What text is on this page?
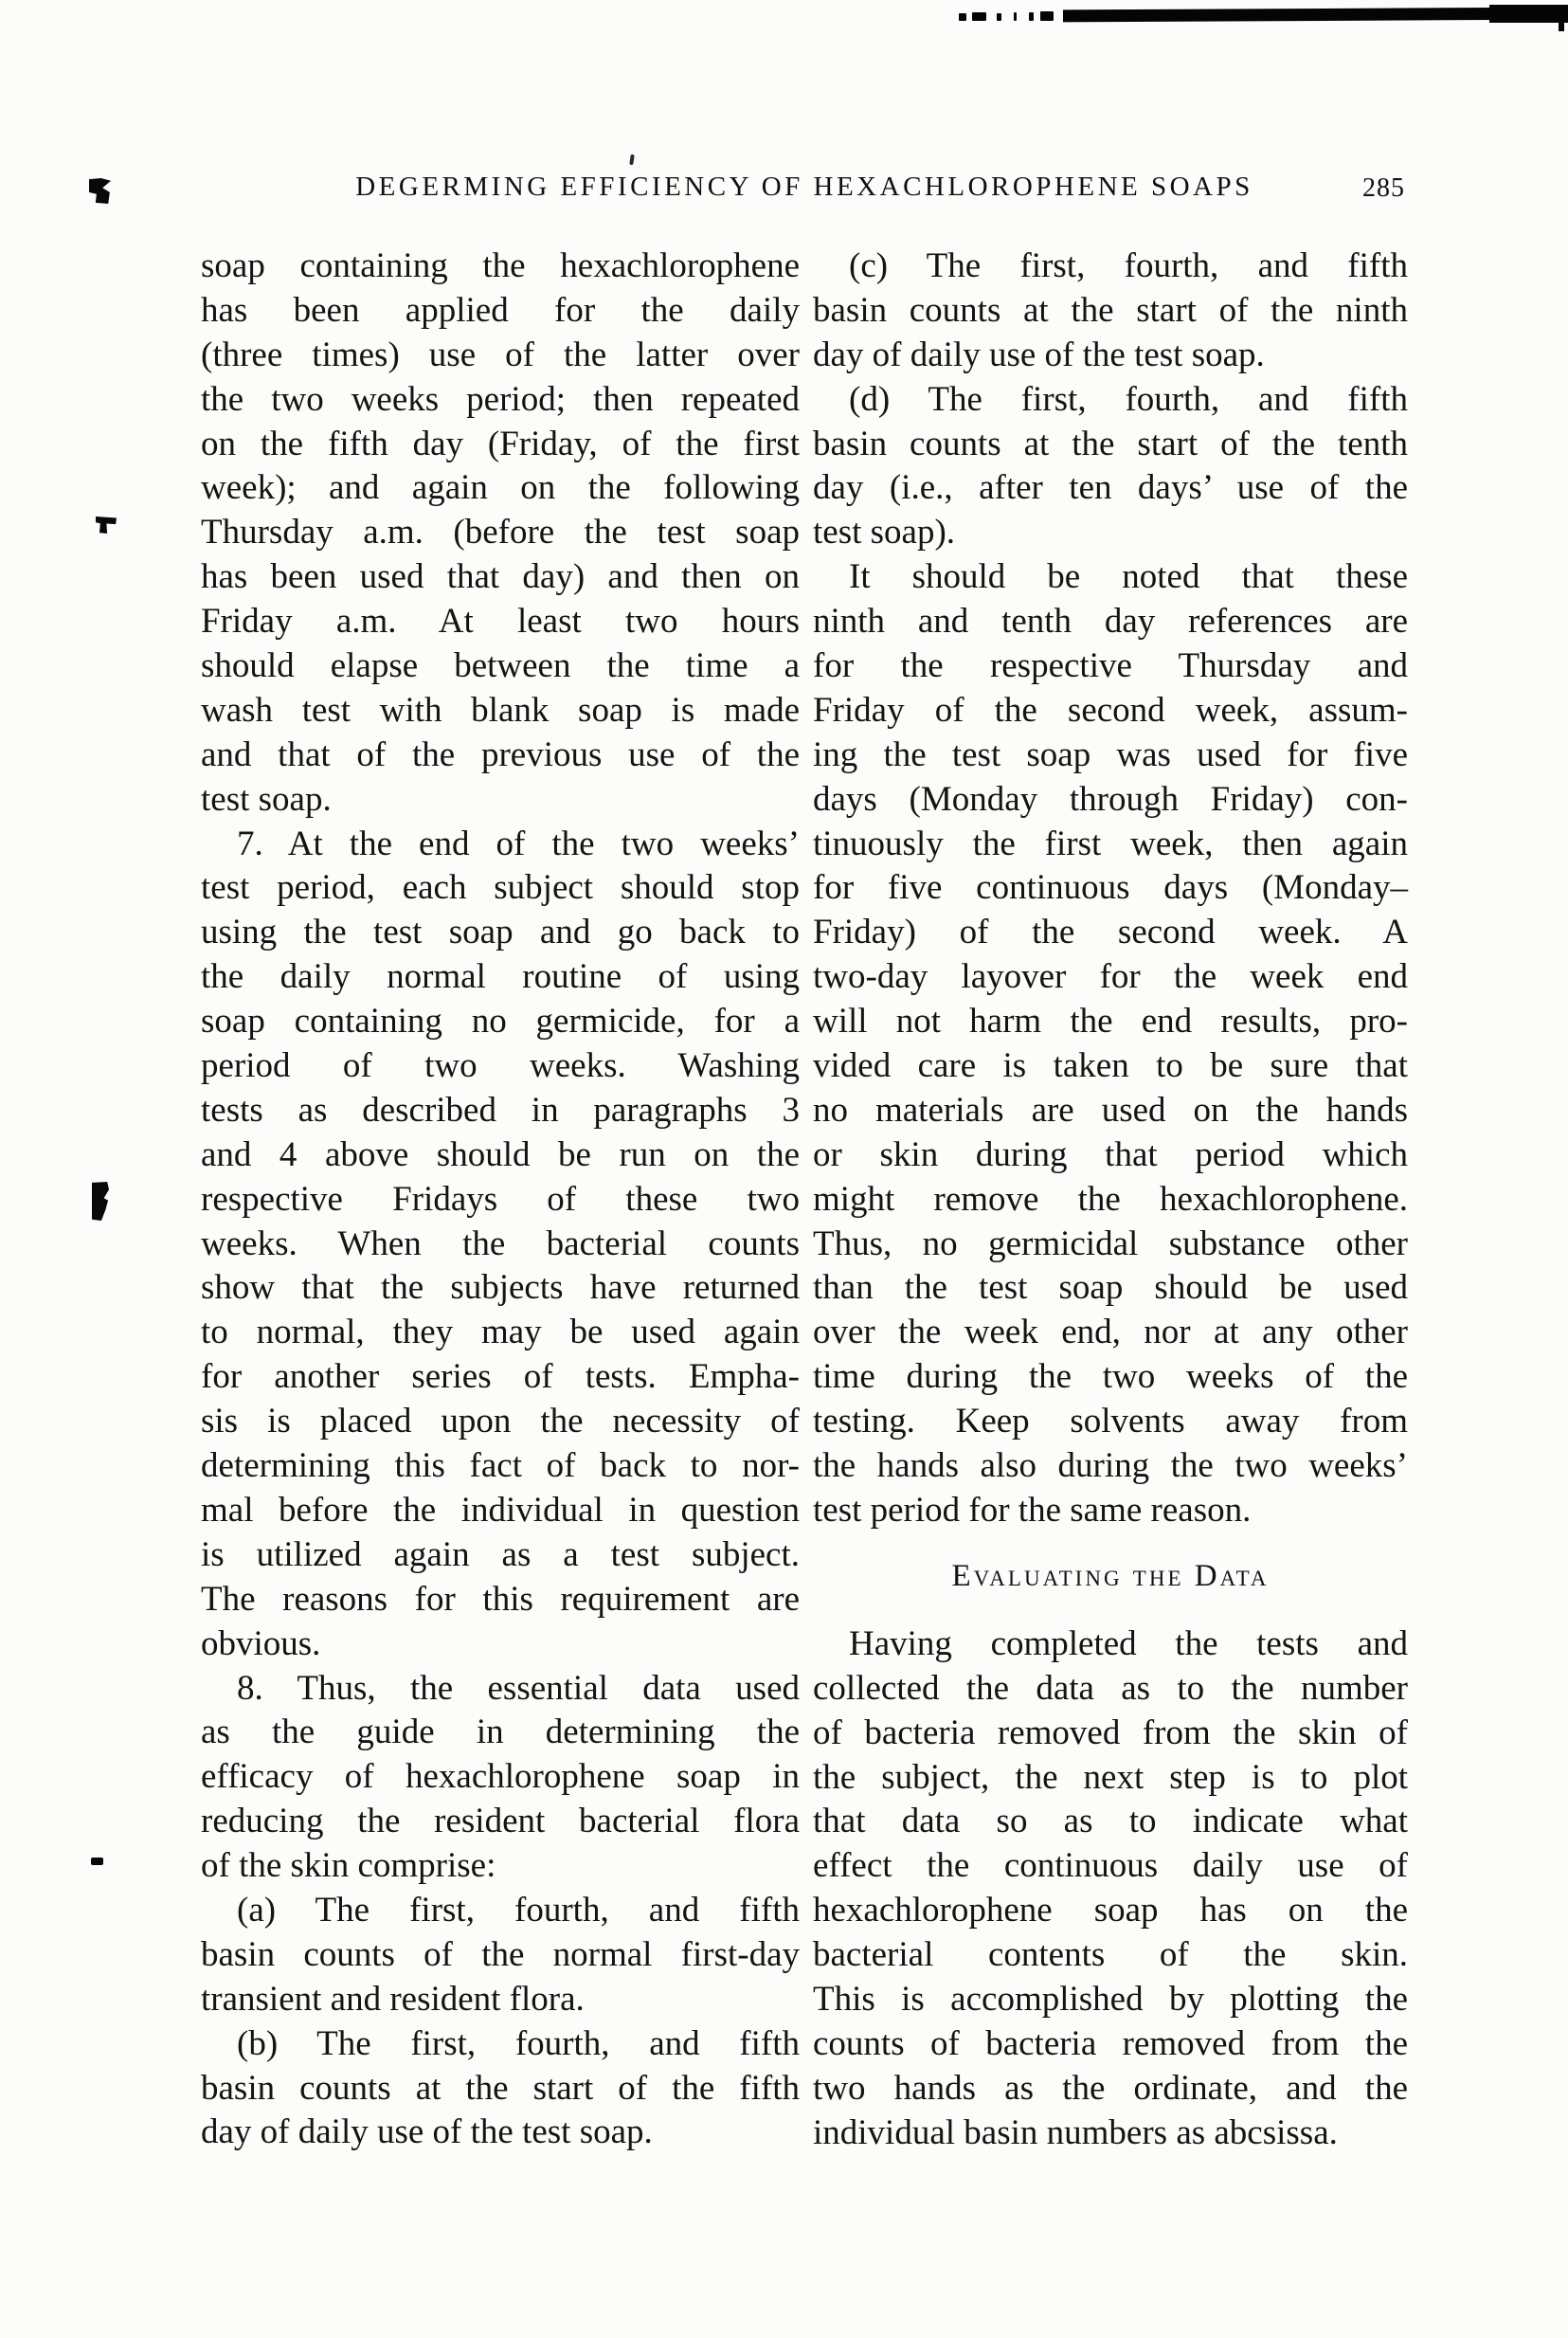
DEGERMING EFFICIENCY OF HEXACHLOROPHENE SOAPS	285
soap containing the hexachlorophene
has been applied for the daily
(three times) use of the latter over
the two weeks period; then repeated
on the fifth day (Friday, of the first
week); and again on the following
Thursday a.m. (before the test soap
has been used that day) and then on
Friday a.m. At least two hours
should elapse between the time a
wash test with blank soap is made
and that of the previous use of the
test soap.
7. At the end of the two weeks’
test period, each subject should stop
using the test soap and go back to
the daily normal routine of using
soap containing no germicide, for a
period of two weeks. Washing
tests as described in paragraphs 3
and 4 above should be run on the
respective Fridays of these two
weeks. When the bacterial counts
show that the subjects have returned
to normal, they may be used again
for another series of tests. Empha-
sis is placed upon the necessity of
determining this fact of back to nor-
mal before the individual in question
is utilized again as a test subject.
The reasons for this requirement are
obvious.
8. Thus, the essential data used
as the guide in determining the
efficacy of hexachlorophene soap in
reducing the resident bacterial flora
of the skin comprise:
(a) The first, fourth, and fifth
basin counts of the normal first-day
transient and resident flora.
(b) The first, fourth, and fifth
basin counts at the start of the fifth
day of daily use of the test soap.
(c) The first, fourth, and fifth
basin counts at the start of the ninth
day of daily use of the test soap.
(d) The first, fourth, and fifth
basin counts at the start of the tenth
day (i.e., after ten days’ use of the
test soap).
It should be noted that these
ninth and tenth day references are
for the respective Thursday and
Friday of the second week, assum-
ing the test soap was used for five
days (Monday through Friday) con-
tinuously the first week, then again
for five continuous days (Monday–
Friday) of the second week. A
two-day layover for the week end
will not harm the end results, pro-
vided care is taken to be sure that
no materials are used on the hands
or skin during that period which
might remove the hexachlorophene.
Thus, no germicidal substance other
than the test soap should be used
over the week end, nor at any other
time during the two weeks of the
testing. Keep solvents away from
the hands also during the two weeks’
test period for the same reason.
Evaluating the Data
Having completed the tests and
collected the data as to the number
of bacteria removed from the skin of
the subject, the next step is to plot
that data so as to indicate what
effect the continuous daily use of
hexachlorophene soap has on the
bacterial contents of the skin.
This is accomplished by plotting the
counts of bacteria removed from the
two hands as the ordinate, and the
individual basin numbers as abcsissa.
